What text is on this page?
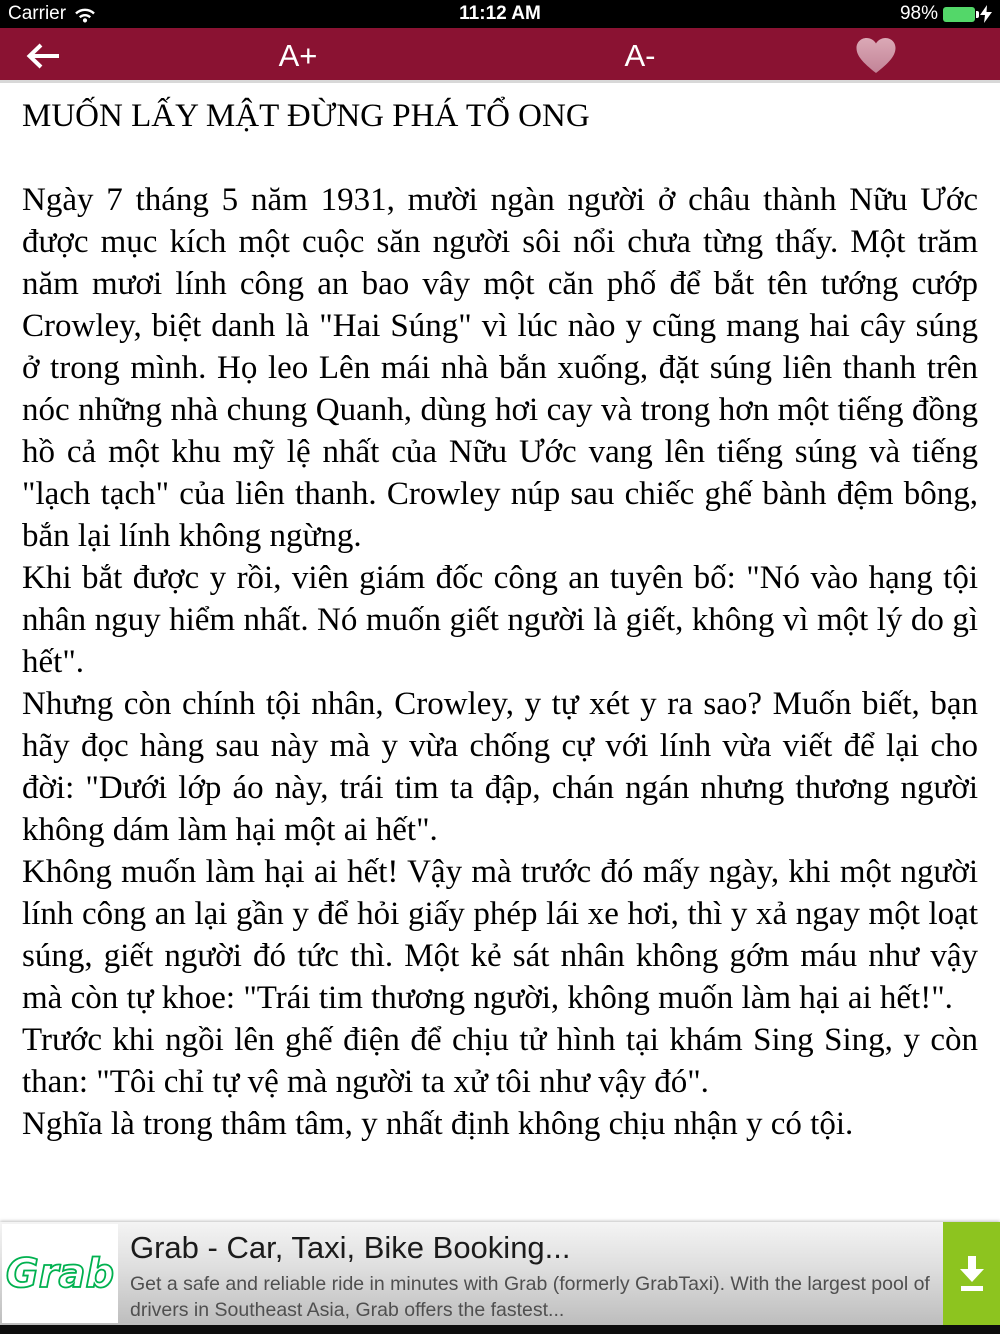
Carrier	11:12 AM	98%
A+	A-
MUỐN LẤY MẬT ĐỪNG PHÁ TỔ ONG

Ngày 7 tháng 5 năm 1931, mười ngàn người ở châu thành Nữu Ước được mục kích một cuộc săn người sôi nổi chưa từng thấy. Một trăm năm mươi lính công an bao vây một căn phố để bắt tên tướng cướp Crowley, biệt danh là "Hai Súng" vì lúc nào y cũng mang hai cây súng ở trong mình. Họ leo Lên mái nhà bắn xuống, đặt súng liên thanh trên nóc những nhà chung Quanh, dùng hơi cay và trong hơn một tiếng đồng hồ cả một khu mỹ lệ nhất của Nữu Ước vang lên tiếng súng và tiếng "lạch tạch" của liên thanh. Crowley núp sau chiếc ghế bành đệm bông, bắn lại lính không ngừng.

Khi bắt được y rồi, viên giám đốc công an tuyên bố: "Nó vào hạng tội nhân nguy hiểm nhất. Nó muốn giết người là giết, không vì một lý do gì hết".

Nhưng còn chính tội nhân, Crowley, y tự xét y ra sao? Muốn biết, bạn hãy đọc hàng sau này mà y vừa chống cự với lính vừa viết để lại cho đời: "Dưới lớp áo này, trái tim ta đập, chán ngán nhưng thương người không dám làm hại một ai hết".

Không muốn làm hại ai hết! Vậy mà trước đó mấy ngày, khi một người lính công an lại gần y để hỏi giấy phép lái xe hơi, thì y xả ngay một loạt súng, giết người đó tức thì. Một kẻ sát nhân không gớm máu như vậy mà còn tự khoe: "Trái tim thương người, không muốn làm hại ai hết!".

Trước khi ngồi lên ghế điện để chịu tử hình tại khám Sing Sing, y còn than: "Tôi chỉ tự vệ mà người ta xử tôi như vậy đó".

Nghĩa là trong thâm tâm, y nhất định không chịu nhận y có tội.

Grab
Grab - Car, Taxi, Bike Booking...
Get a safe and reliable ride in minutes with Grab (formerly GrabTaxi). With the largest pool of drivers in Southeast Asia, Grab offers the fastest...
